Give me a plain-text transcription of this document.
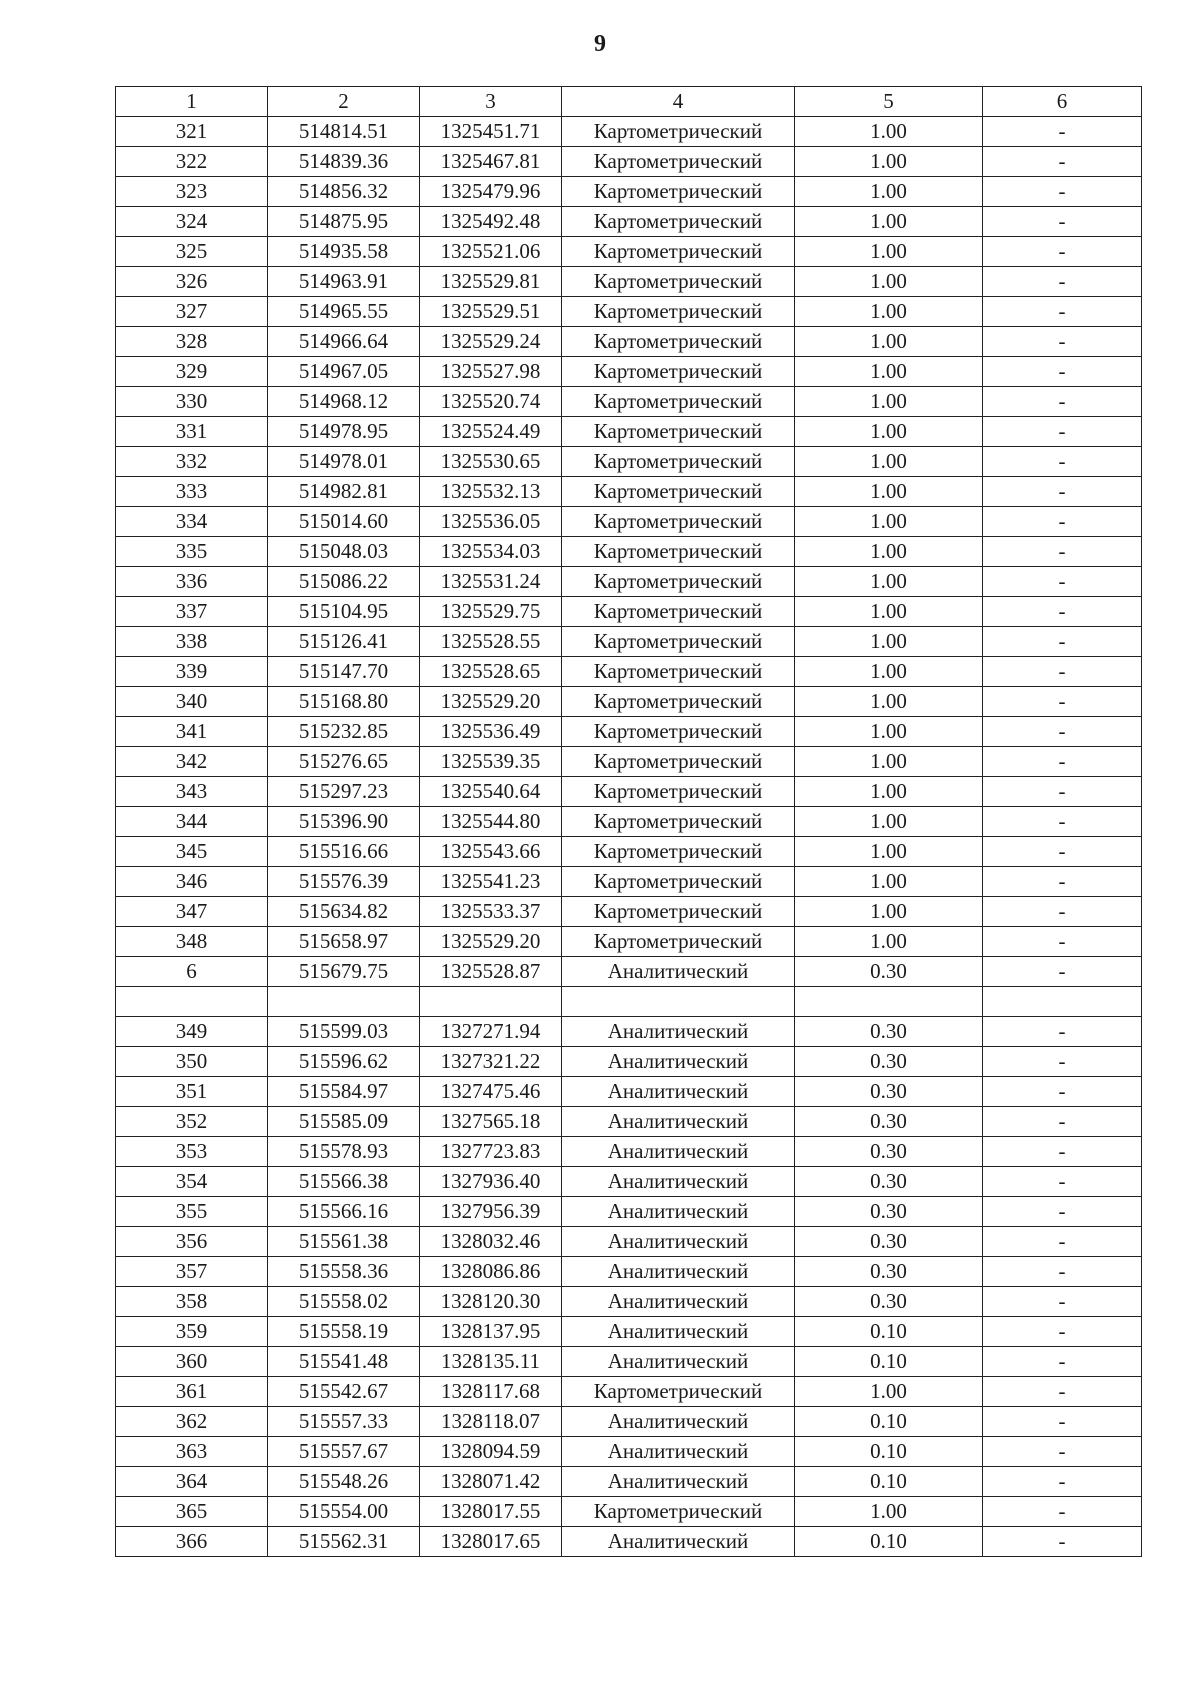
9
1	2	3	4	5	6
321	514814.51	1325451.71	Картометрический	1.00	-
322	514839.36	1325467.81	Картометрический	1.00	-
323	514856.32	1325479.96	Картометрический	1.00	-
324	514875.95	1325492.48	Картометрический	1.00	-
325	514935.58	1325521.06	Картометрический	1.00	-
326	514963.91	1325529.81	Картометрический	1.00	-
327	514965.55	1325529.51	Картометрический	1.00	-
328	514966.64	1325529.24	Картометрический	1.00	-
329	514967.05	1325527.98	Картометрический	1.00	-
330	514968.12	1325520.74	Картометрический	1.00	-
331	514978.95	1325524.49	Картометрический	1.00	-
332	514978.01	1325530.65	Картометрический	1.00	-
333	514982.81	1325532.13	Картометрический	1.00	-
334	515014.60	1325536.05	Картометрический	1.00	-
335	515048.03	1325534.03	Картометрический	1.00	-
336	515086.22	1325531.24	Картометрический	1.00	-
337	515104.95	1325529.75	Картометрический	1.00	-
338	515126.41	1325528.55	Картометрический	1.00	-
339	515147.70	1325528.65	Картометрический	1.00	-
340	515168.80	1325529.20	Картометрический	1.00	-
341	515232.85	1325536.49	Картометрический	1.00	-
342	515276.65	1325539.35	Картометрический	1.00	-
343	515297.23	1325540.64	Картометрический	1.00	-
344	515396.90	1325544.80	Картометрический	1.00	-
345	515516.66	1325543.66	Картометрический	1.00	-
346	515576.39	1325541.23	Картометрический	1.00	-
347	515634.82	1325533.37	Картометрический	1.00	-
348	515658.97	1325529.20	Картометрический	1.00	-
6	515679.75	1325528.87	Аналитический	0.30	-

349	515599.03	1327271.94	Аналитический	0.30	-
350	515596.62	1327321.22	Аналитический	0.30	-
351	515584.97	1327475.46	Аналитический	0.30	-
352	515585.09	1327565.18	Аналитический	0.30	-
353	515578.93	1327723.83	Аналитический	0.30	-
354	515566.38	1327936.40	Аналитический	0.30	-
355	515566.16	1327956.39	Аналитический	0.30	-
356	515561.38	1328032.46	Аналитический	0.30	-
357	515558.36	1328086.86	Аналитический	0.30	-
358	515558.02	1328120.30	Аналитический	0.30	-
359	515558.19	1328137.95	Аналитический	0.10	-
360	515541.48	1328135.11	Аналитический	0.10	-
361	515542.67	1328117.68	Картометрический	1.00	-
362	515557.33	1328118.07	Аналитический	0.10	-
363	515557.67	1328094.59	Аналитический	0.10	-
364	515548.26	1328071.42	Аналитический	0.10	-
365	515554.00	1328017.55	Картометрический	1.00	-
366	515562.31	1328017.65	Аналитический	0.10	-
